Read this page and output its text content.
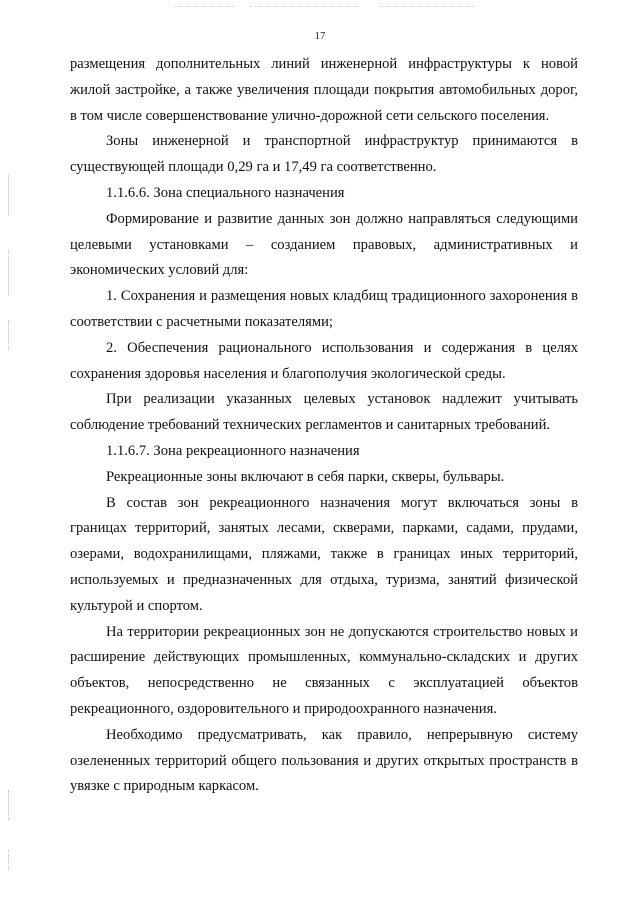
17

размещения дополнительных линий инженерной инфраструктуры к новой жилой застройке, а также увеличения площади покрытия автомобильных дорог, в том числе совершенствование улично-дорожной сети сельского поселения.

Зоны инженерной и транспортной инфраструктур принимаются в существующей площади 0,29 га и 17,49 га соответственно.

1.1.6.6. Зона специального назначения

Формирование и развитие данных зон должно направляться следующими целевыми установками – созданием правовых, административных и экономических условий для:

1. Сохранения и размещения новых кладбищ традиционного захоронения в соответствии с расчетными показателями;

2. Обеспечения рационального использования и содержания в целях сохранения здоровья населения и благополучия экологической среды.

При реализации указанных целевых установок надлежит учитывать соблюдение требований технических регламентов и санитарных требований.

1.1.6.7. Зона рекреационного назначения

Рекреационные зоны включают в себя парки, скверы, бульвары.

В состав зон рекреационного назначения могут включаться зоны в границах территорий, занятых лесами, скверами, парками, садами, прудами, озерами, водохранилищами, пляжами, также в границах иных территорий, используемых и предназначенных для отдыха, туризма, занятий физической культурой и спортом.

На территории рекреационных зон не допускаются строительство новых и расширение действующих промышленных, коммунально-складских и других объектов, непосредственно не связанных с эксплуатацией объектов рекреационного, оздоровительного и природоохранного назначения.

Необходимо предусматривать, как правило, непрерывную систему озелененных территорий общего пользования и других открытых пространств в увязке с природным каркасом.
